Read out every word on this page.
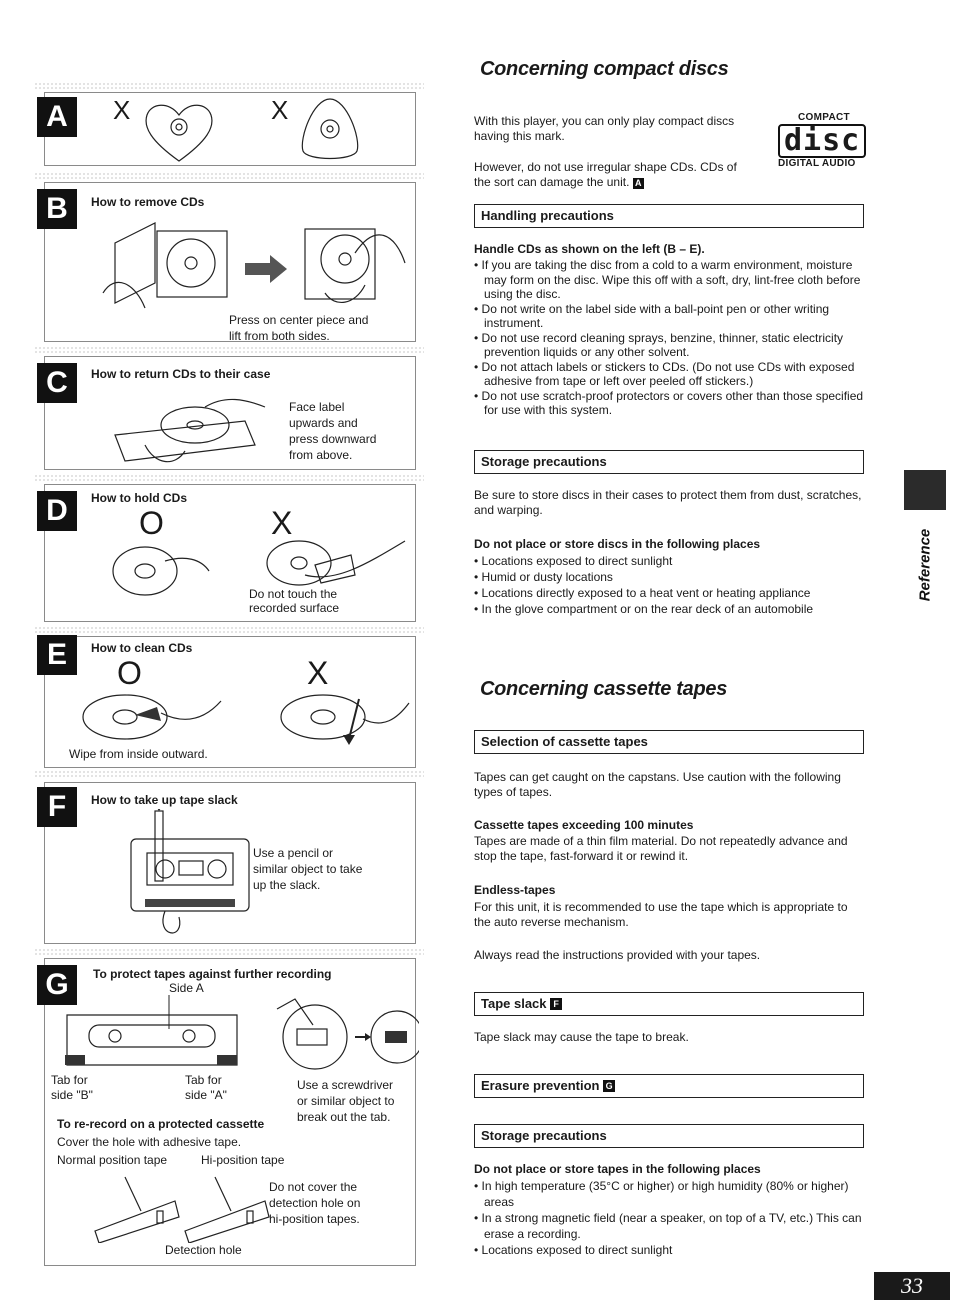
A	X	X
B	How to remove CDs
Press on center piece and
lift from both sides.
C	How to return CDs to their case
Face label
upwards and
press downward
from above.
D	How to hold CDs
O	X
Do not touch the
recorded surface
E	How to clean CDs
O	X
Wipe from inside outward.
F	How to take up tape slack
Use a pencil or
similar object to take
up the slack.
G	To protect tapes against further recording
Side A
Tab for
side "B"
Tab for
side "A"
Use a screwdriver
or similar object to
break out the tab.
To re-record on a protected cassette
Cover the hole with adhesive tape.
Normal position tape	Hi-position tape
Do not cover the
detection hole on
hi-position tapes.
Detection hole
Concerning compact discs
With this player, you can only play compact discs having this mark.
However, do not use irregular shape CDs. CDs of the sort can damage the unit. A
COMPACT
disc
DIGITAL AUDIO
Handling precautions
Handle CDs as shown on the left (B – E).
• If you are taking the disc from a cold to a warm environment, moisture may form on the disc. Wipe this off with a soft, dry, lint-free cloth before using the disc.
• Do not write on the label side with a ball-point pen or other writing instrument.
• Do not use record cleaning sprays, benzine, thinner, static electricity prevention liquids or any other solvent.
• Do not attach labels or stickers to CDs. (Do not use CDs with exposed adhesive from tape or left over peeled off stickers.)
• Do not use scratch-proof protectors or covers other than those specified for use with this system.
Storage precautions
Be sure to store discs in their cases to protect them from dust, scratches, and warping.
Do not place or store discs in the following places
• Locations exposed to direct sunlight
• Humid or dusty locations
• Locations directly exposed to a heat vent or heating appliance
• In the glove compartment or on the rear deck of an automobile
Concerning cassette tapes
Selection of cassette tapes
Tapes can get caught on the capstans. Use caution with the following types of tapes.
Cassette tapes exceeding 100 minutes
Tapes are made of a thin film material. Do not repeatedly advance and stop the tape, fast-forward it or rewind it.
Endless-tapes
For this unit, it is recommended to use the tape which is appropriate to the auto reverse mechanism.
Always read the instructions provided with your tapes.
Tape slack F
Tape slack may cause the tape to break.
Erasure prevention G
Storage precautions
Do not place or store tapes in the following places
• In high temperature (35°C or higher) or high humidity (80% or higher) areas
• In a strong magnetic field (near a speaker, on top of a TV, etc.) This can erase a recording.
• Locations exposed to direct sunlight
Reference
33
